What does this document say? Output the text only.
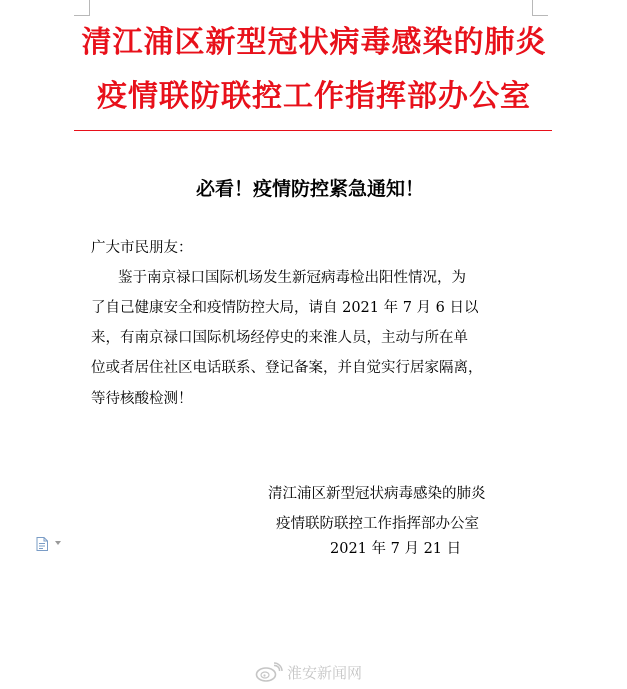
清江浦区新型冠状病毒感染的肺炎
疫情联防联控工作指挥部办公室
必看！疫情防控紧急通知！
广大市民朋友：
鉴于南京禄口国际机场发生新冠病毒检出阳性情况，为
了自己健康安全和疫情防控大局，请自 2021 年 7 月 6 日以
来，有南京禄口国际机场经停史的来淮人员，主动与所在单
位或者居住社区电话联系、登记备案，并自觉实行居家隔离，
等待核酸检测！
清江浦区新型冠状病毒感染的肺炎
疫情联防联控工作指挥部办公室
2021 年 7 月 21 日
淮安新闻网
